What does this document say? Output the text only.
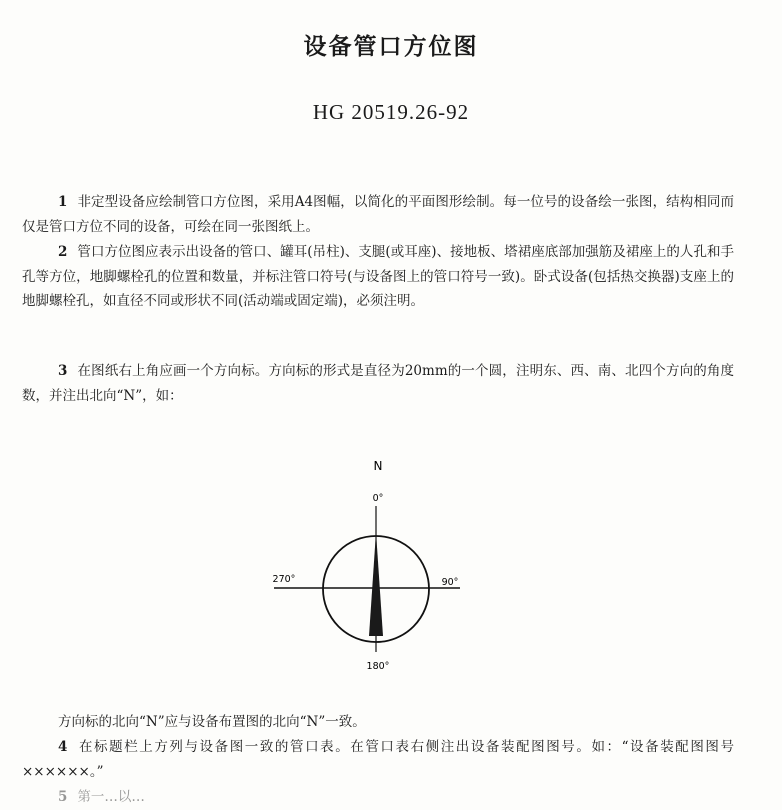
设备管口方位图
HG 20519.26-92
1 非定型设备应绘制管口方位图，采用A4图幅，以简化的平面图形绘制。每一位号的设备绘一张图，结构相同而仅是管口方位不同的设备，可绘在同一张图纸上。
2 管口方位图应表示出设备的管口、罐耳(吊柱)、支腿(或耳座)、接地板、塔裙座底部加强筋及裙座上的人孔和手孔等方位，地脚螺栓孔的位置和数量，并标注管口符号(与设备图上的管口符号一致)。卧式设备(包括热交换器)支座上的地脚螺栓孔，如直径不同或形状不同(活动端或固定端)，必须注明。
3 在图纸右上角应画一个方向标。方向标的形式是直径为20mm的一个圆，注明东、西、南、北四个方向的角度数，并注出北向“N”，如：
N
0°
270°	90°
180°
方向标的北向“N”应与设备布置图的北向“N”一致。
4 在标题栏上方列与设备图一致的管口表。在管口表右侧注出设备装配图图号。如：“设备装配图图号××××××。”
5 第一…以…
